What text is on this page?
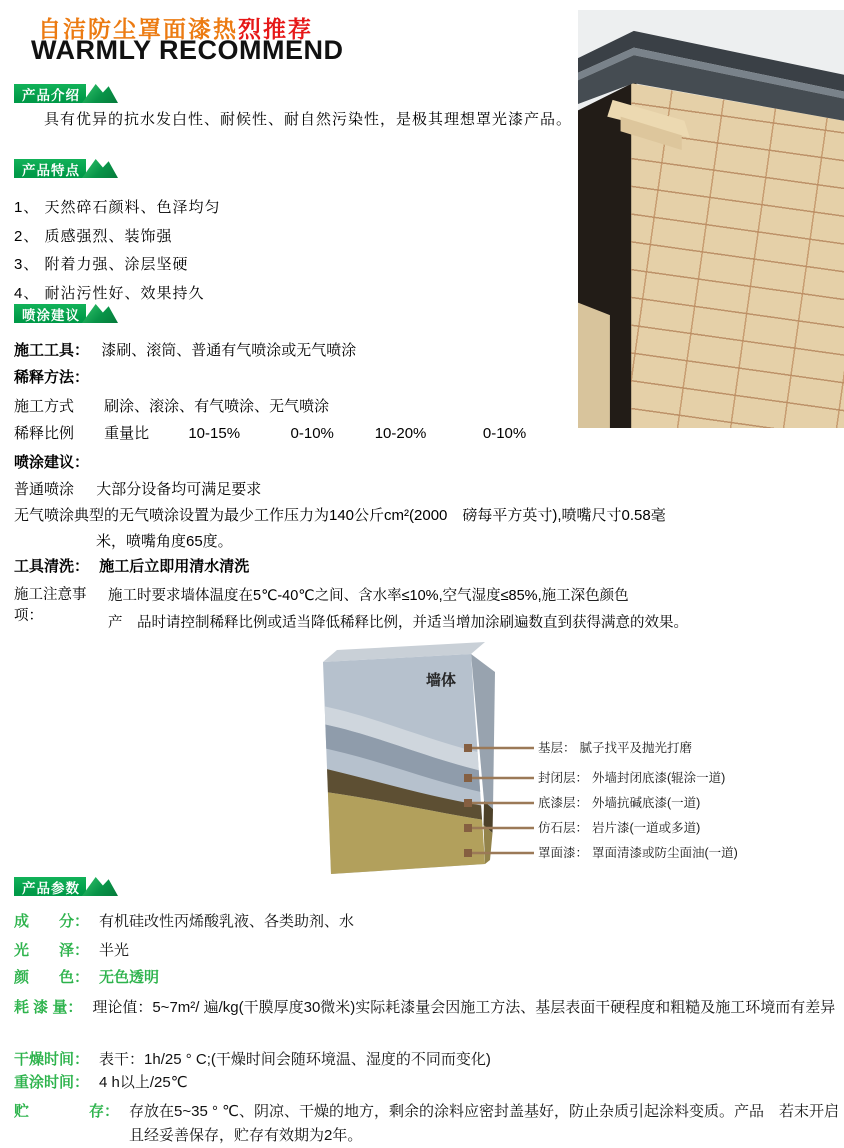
自洁防尘罩面漆热烈推荐
WARMLY RECOMMEND
产品介绍
具有优异的抗水发白性、耐候性、耐自然污染性，是极其理想罩光漆产品。
产品特点
1、 天然碎石颜料、色泽均匀
2、 质感强烈、装饰强
3、 附着力强、涂层坚硬
4、 耐沾污性好、效果持久
喷涂建议
施工工具： 漆刷、滚筒、普通有气喷涂或无气喷涂
稀释方法：
施工方式 刷涂、滚涂、有气喷涂、无气喷涂
稀释比例 重量比	10-15%	0-10%	10-20%	0-10%
喷涂建议：
普通喷涂 大部分设备均可满足要求
无气喷涂典型的无气喷涂设置为最少工作压力为140公斤cm²(2000　磅每平方英寸),喷嘴尺寸0.58毫
米，喷嘴角度65度。
工具清洗： 施工后立即用清水清洗
施工注意事项：
施工时要求墙体温度在5℃-40℃之间、含水率≤10%,空气湿度≤85%,施工深色颜色
产　品时请控制稀释比例或适当降低稀释比例，并适当增加涂刷遍数直到获得满意的效果。
墙体
基层： 腻子找平及抛光打磨
封闭层： 外墙封闭底漆(辊涂一道)
底漆层： 外墙抗碱底漆(一道)
仿石层： 岩片漆(一道或多道)
罩面漆： 罩面清漆或防尘面油(一道)
产品参数
成　　分： 有机硅改性丙烯酸乳液、各类助剂、水
光　　泽： 半光
颜　　色： 无色透明
耗 漆 量： 理论值：5~7m²/ 遍/kg(干膜厚度30微米)实际耗漆量会因施工方法、基层表面干硬程度和粗糙及施工环境而有差异
干燥时间： 表干：1h/25 ° C;(干燥时间会随环境温、湿度的不同而变化)
重涂时间： 4 h以上/25℃
贮　　　　存： 存放在5~35 ° ℃、阴凉、干燥的地方，剩余的涂料应密封盖基好，防止杂质引起涂料变质。产品　若末开启且经妥善保存，贮存有效期为2年。
